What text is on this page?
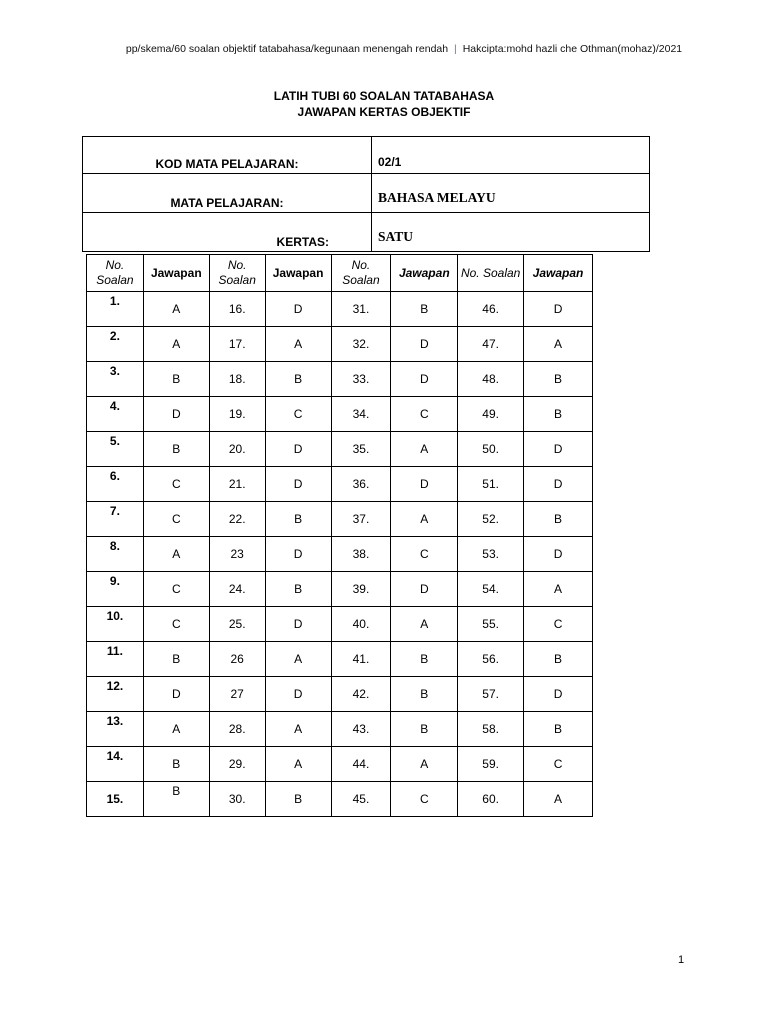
pp/skema/60 soalan objektif tatabahasa/kegunaan menengah rendah | Hakcipta:mohd hazli che Othman(mohaz)/2021
LATIH TUBI 60 SOALAN TATABAHASA
JAWAPAN KERTAS OBJEKTIF
KOD MATA PELAJARAN:	02/1
MATA PELAJARAN:	BAHASA MELAYU
KERTAS:	SATU
No. Soalan	Jawapan	No. Soalan	Jawapan	No. Soalan	Jawapan	No. Soalan	Jawapan
1.	A	16.	D	31.	B	46.	D
2.	A	17.	A	32.	D	47.	A
3.	B	18.	B	33.	D	48.	B
4.	D	19.	C	34.	C	49.	B
5.	B	20.	D	35.	A	50.	D
6.	C	21.	D	36.	D	51.	D
7.	C	22.	B	37.	A	52.	B
8.	A	23	D	38.	C	53.	D
9.	C	24.	B	39.	D	54.	A
10.	C	25.	D	40.	A	55.	C
11.	B	26	A	41.	B	56.	B
12.	D	27	D	42.	B	57.	D
13.	A	28.	A	43.	B	58.	B
14.	B	29.	A	44.	A	59.	C
15.	B	30.	B	45.	C	60.	A
1
